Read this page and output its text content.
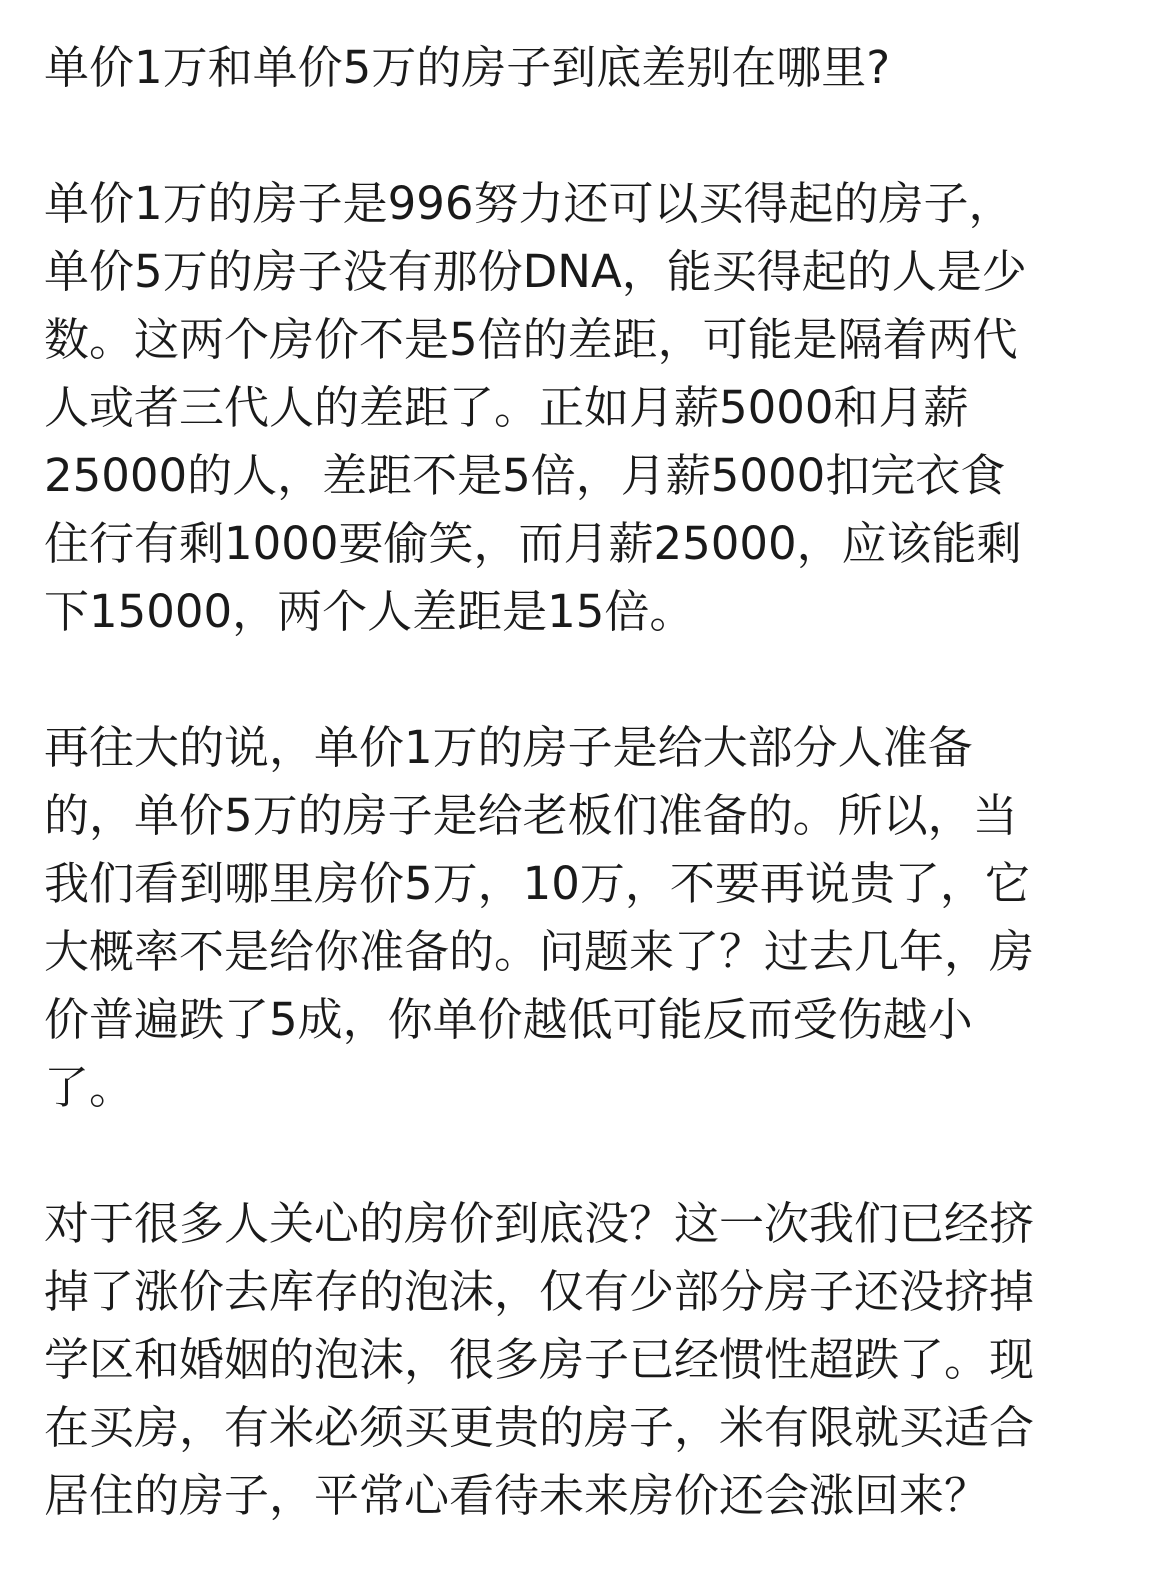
单价1万和单价5万的房子到底差别在哪里?

单价1万的房子是996努力还可以买得起的房子，
单价5万的房子没有那份DNA，能买得起的人是少
数。这两个房价不是5倍的差距，可能是隔着两代
人或者三代人的差距了。正如月薪5000和月薪
25000的人，差距不是5倍，月薪5000扣完衣食
住行有剩1000要偷笑，而月薪25000，应该能剩
下15000，两个人差距是15倍。

再往大的说，单价1万的房子是给大部分人准备
的，单价5万的房子是给老板们准备的。所以，当
我们看到哪里房价5万，10万，不要再说贵了，它
大概率不是给你准备的。问题来了？过去几年，房
价普遍跌了5成，你单价越低可能反而受伤越小
了。

对于很多人关心的房价到底没？这一次我们已经挤
掉了涨价去库存的泡沫，仅有少部分房子还没挤掉
学区和婚姻的泡沫，很多房子已经惯性超跌了。现
在买房，有米必须买更贵的房子，米有限就买适合
居住的房子，平常心看待未来房价还会涨回来？
